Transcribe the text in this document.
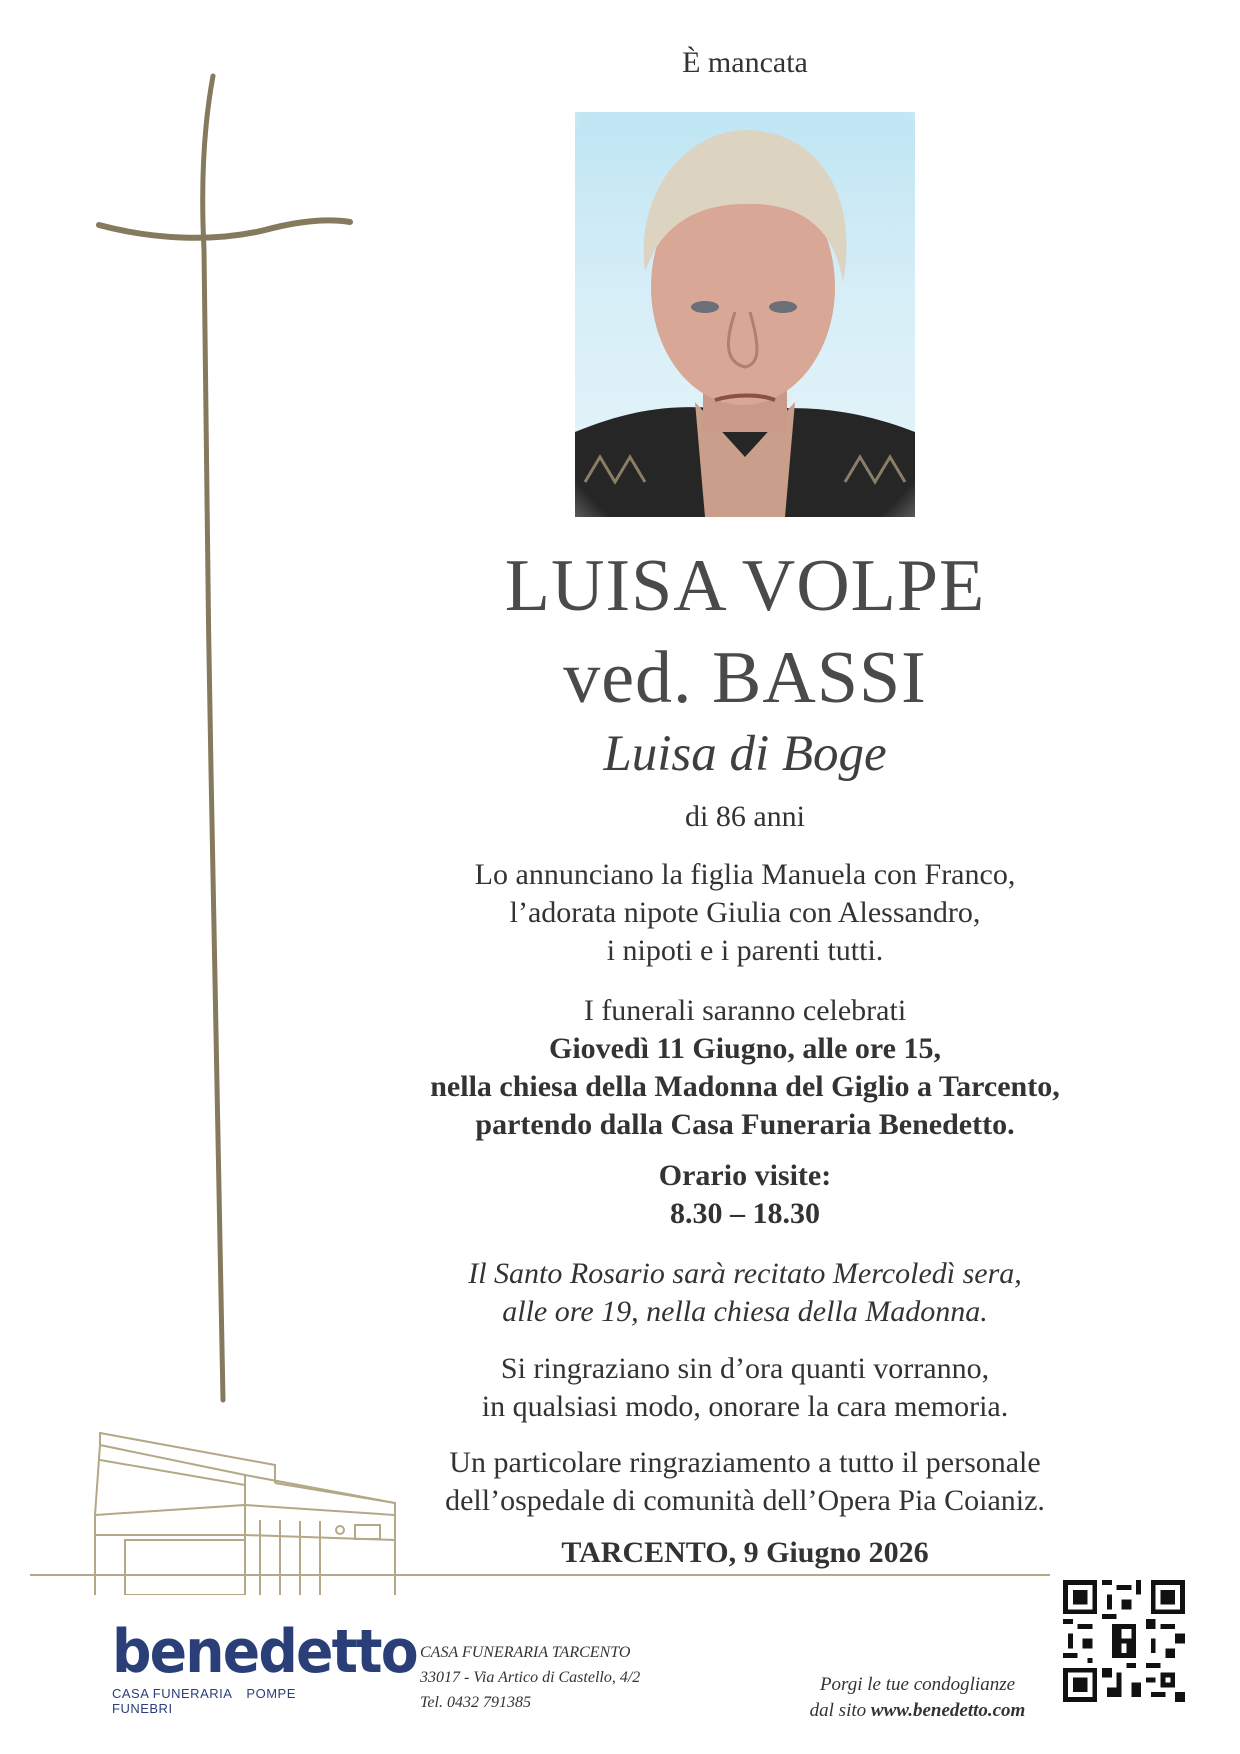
È mancata
LUISA VOLPE
ved. BASSI
Luisa di Boge
di 86 anni
Lo annunciano la figlia Manuela con Franco,
l’adorata nipote Giulia con Alessandro,
i nipoti e i parenti tutti.
I funerali saranno celebrati
Giovedì 11 Giugno, alle ore 15,
nella chiesa della Madonna del Giglio a Tarcento,
partendo dalla Casa Funeraria Benedetto.
Orario visite:
8.30 – 18.30
Il Santo Rosario sarà recitato Mercoledì sera,
alle ore 19, nella chiesa della Madonna.
Si ringraziano sin d’ora quanti vorranno,
in qualsiasi modo, onorare la cara memoria.
Un particolare ringraziamento a tutto il personale
dell’ospedale di comunità dell’Opera Pia Coianiz.
TARCENTO, 9 Giugno 2026
benedetto
CASA FUNERARIA POMPE FUNEBRI
CASA FUNERARIA TARCENTO
33017 - Via Artico di Castello, 4/2
Tel. 0432 791385
Porgi le tue condoglianze
dal sito www.benedetto.com
